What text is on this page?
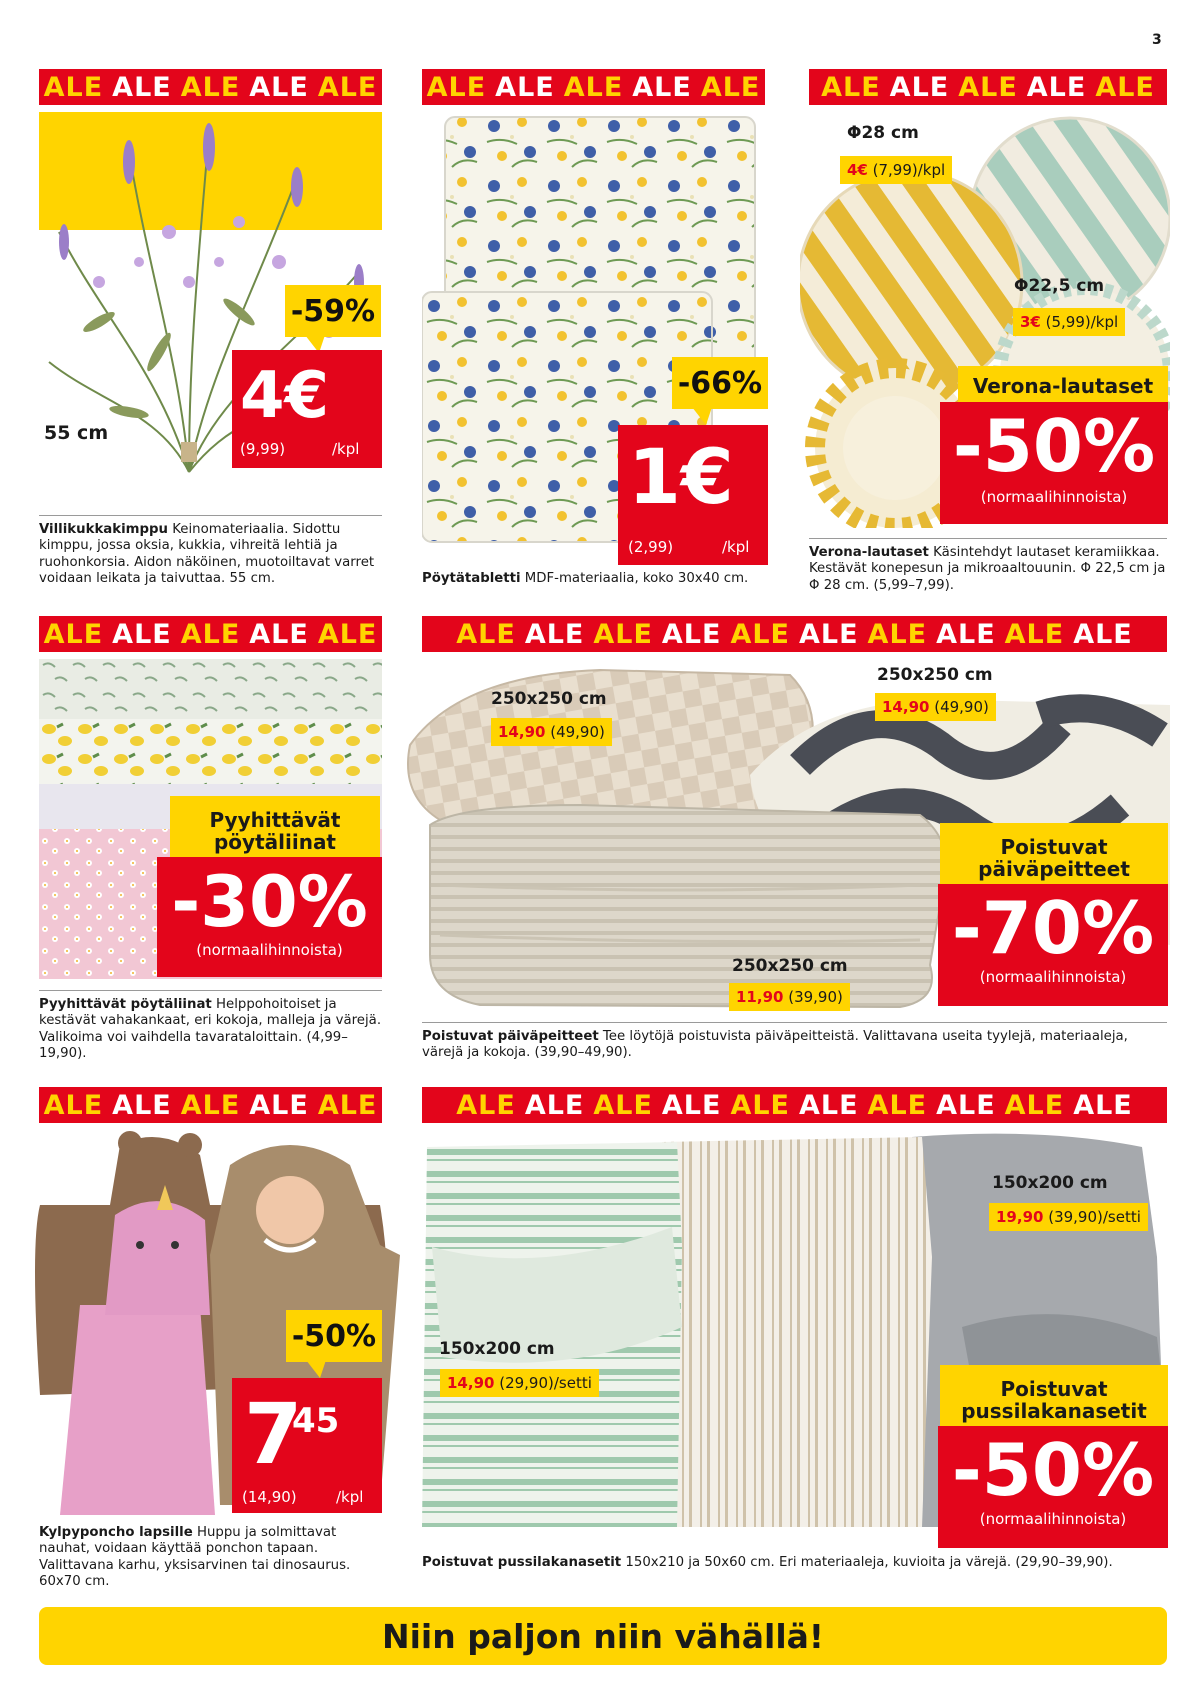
3
ALE ALE ALE ALE ALE ALE ALE ALE ALE ALE ALE ALE ALE ALE ALE
ALE ALE ALE ALE ALE	ALE ALE ALE ALE ALE ALE ALE ALE ALE ALE
ALE ALE ALE ALE ALE	ALE ALE ALE ALE ALE ALE ALE ALE ALE ALE
55 cm
-59%
4€
(9,99)	/kpl
Villikukkakimppu Keinomateriaalia. Sidottu kimppu, jossa oksia, kukkia, vihreitä lehtiä ja ruohonkorsia. Aidon näköinen, muotoiltavat varret voidaan leikata ja taivuttaa. 55 cm.
-66%
1€
(2,99)	/kpl
Pöytätabletti MDF-materiaalia, koko 30x40 cm.
Φ28 cm
4€ (7,99)/kpl
Φ22,5 cm
3€ (5,99)/kpl
Verona-lautaset
-50%
(normaalihinnoista)
Verona-lautaset Käsintehdyt lautaset keramiikkaa. Kestävät konepesun ja mikroaaltouunin. Φ 22,5 cm ja Φ 28 cm. (5,99–7,99).
Pyyhittävät
pöytäliinat
-30%
(normaalihinnoista)
Pyyhittävät pöytäliinat Helppohoitoiset ja kestävät vahakankaat, eri kokoja, malleja ja värejä. Valikoima voi vaihdella tavarataloittain. (4,99–19,90).
250x250 cm
14,90 (49,90)
250x250 cm
14,90 (49,90)
250x250 cm
11,90 (39,90)
Poistuvat
päiväpeitteet
-70%
(normaalihinnoista)
Poistuvat päiväpeitteet Tee löytöjä poistuvista päiväpeitteistä. Valittavana useita tyylejä, materiaaleja, värejä ja kokoja. (39,90–49,90).
-50%
7
45
(14,90)	/kpl
Kylpyponcho lapsille Huppu ja solmittavat nauhat, voidaan käyttää ponchon tapaan. Valittavana karhu, yksisarvinen tai dinosaurus. 60x70 cm.
150x200 cm
19,90 (39,90)/setti
150x200 cm
14,90 (29,90)/setti	Poistuvat
pussilakanasetit
-50%
(normaalihinnoista)
Poistuvat pussilakanasetit 150x210 ja 50x60 cm. Eri materiaaleja, kuvioita ja värejä. (29,90–39,90).
Niin paljon niin vähällä!
